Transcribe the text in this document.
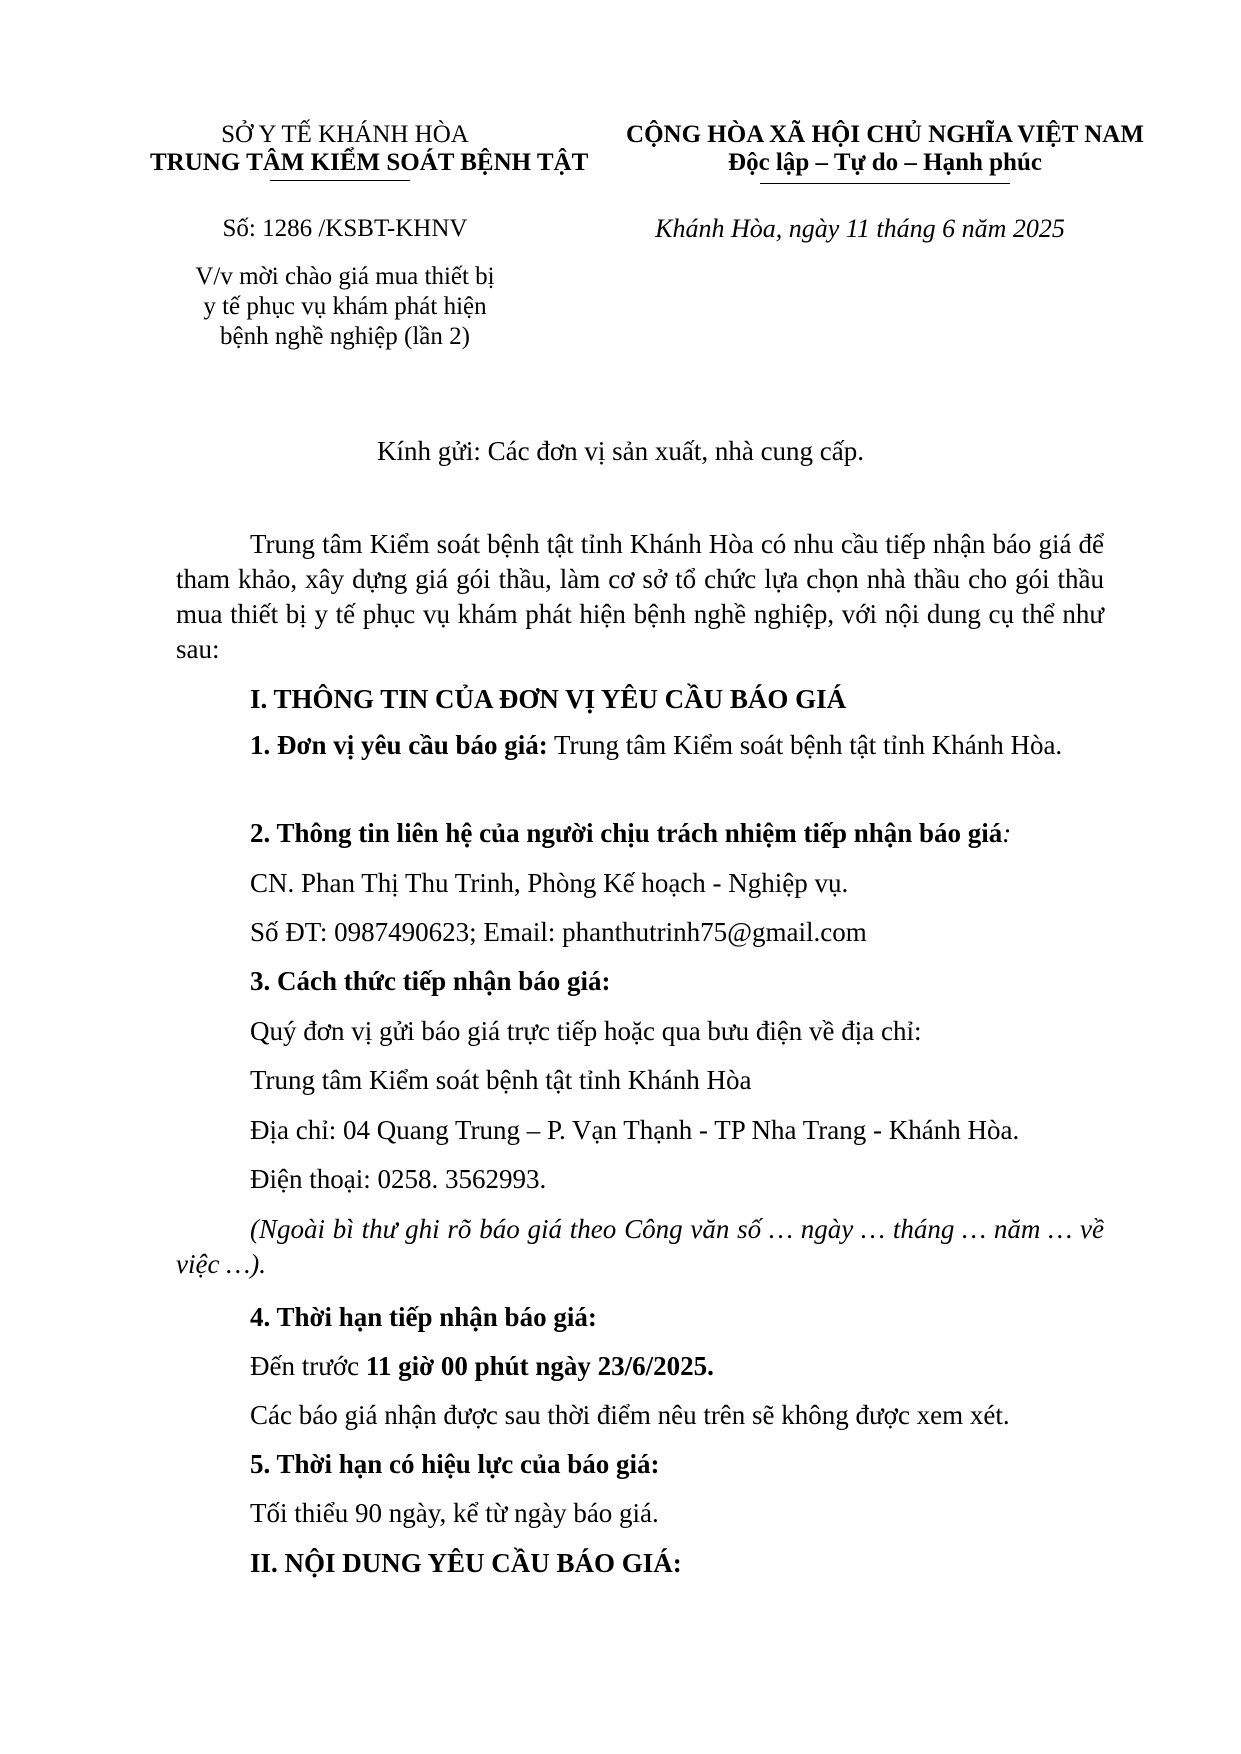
SỞ Y TẾ KHÁNH HÒA
TRUNG TÂM KIỂM SOÁT BỆNH TẬT
Số: 1286 /KSBT-KHNV
V/v mời chào giá mua thiết bị
y tế phục vụ khám phát hiện
bệnh nghề nghiệp (lần 2)
CỘNG HÒA XÃ HỘI CHỦ NGHĨA VIỆT NAM
Độc lập – Tự do – Hạnh phúc
Khánh Hòa, ngày 11 tháng 6 năm 2025
Kính gửi: Các đơn vị sản xuất, nhà cung cấp.
Trung tâm Kiểm soát bệnh tật tỉnh Khánh Hòa có nhu cầu tiếp nhận báo giá để tham khảo, xây dựng giá gói thầu, làm cơ sở tổ chức lựa chọn nhà thầu cho gói thầu mua thiết bị y tế phục vụ khám phát hiện bệnh nghề nghiệp, với nội dung cụ thể như sau:
I. THÔNG TIN CỦA ĐƠN VỊ YÊU CẦU BÁO GIÁ
1. Đơn vị yêu cầu báo giá: Trung tâm Kiểm soát bệnh tật tỉnh Khánh Hòa.
2. Thông tin liên hệ của người chịu trách nhiệm tiếp nhận báo giá:
CN. Phan Thị Thu Trinh, Phòng Kế hoạch - Nghiệp vụ.
Số ĐT: 0987490623; Email: phanthutrinh75@gmail.com
3. Cách thức tiếp nhận báo giá:
Quý đơn vị gửi báo giá trực tiếp hoặc qua bưu điện về địa chỉ:
Trung tâm Kiểm soát bệnh tật tỉnh Khánh Hòa
Địa chỉ: 04 Quang Trung – P. Vạn Thạnh - TP Nha Trang - Khánh Hòa.
Điện thoại: 0258. 3562993.
(Ngoài bì thư ghi rõ báo giá theo Công văn số … ngày … tháng … năm … về việc …).
4. Thời hạn tiếp nhận báo giá:
Đến trước 11 giờ 00 phút ngày 23/6/2025.
Các báo giá nhận được sau thời điểm nêu trên sẽ không được xem xét.
5. Thời hạn có hiệu lực của báo giá:
Tối thiểu 90 ngày, kể từ ngày báo giá.
II. NỘI DUNG YÊU CẦU BÁO GIÁ:
